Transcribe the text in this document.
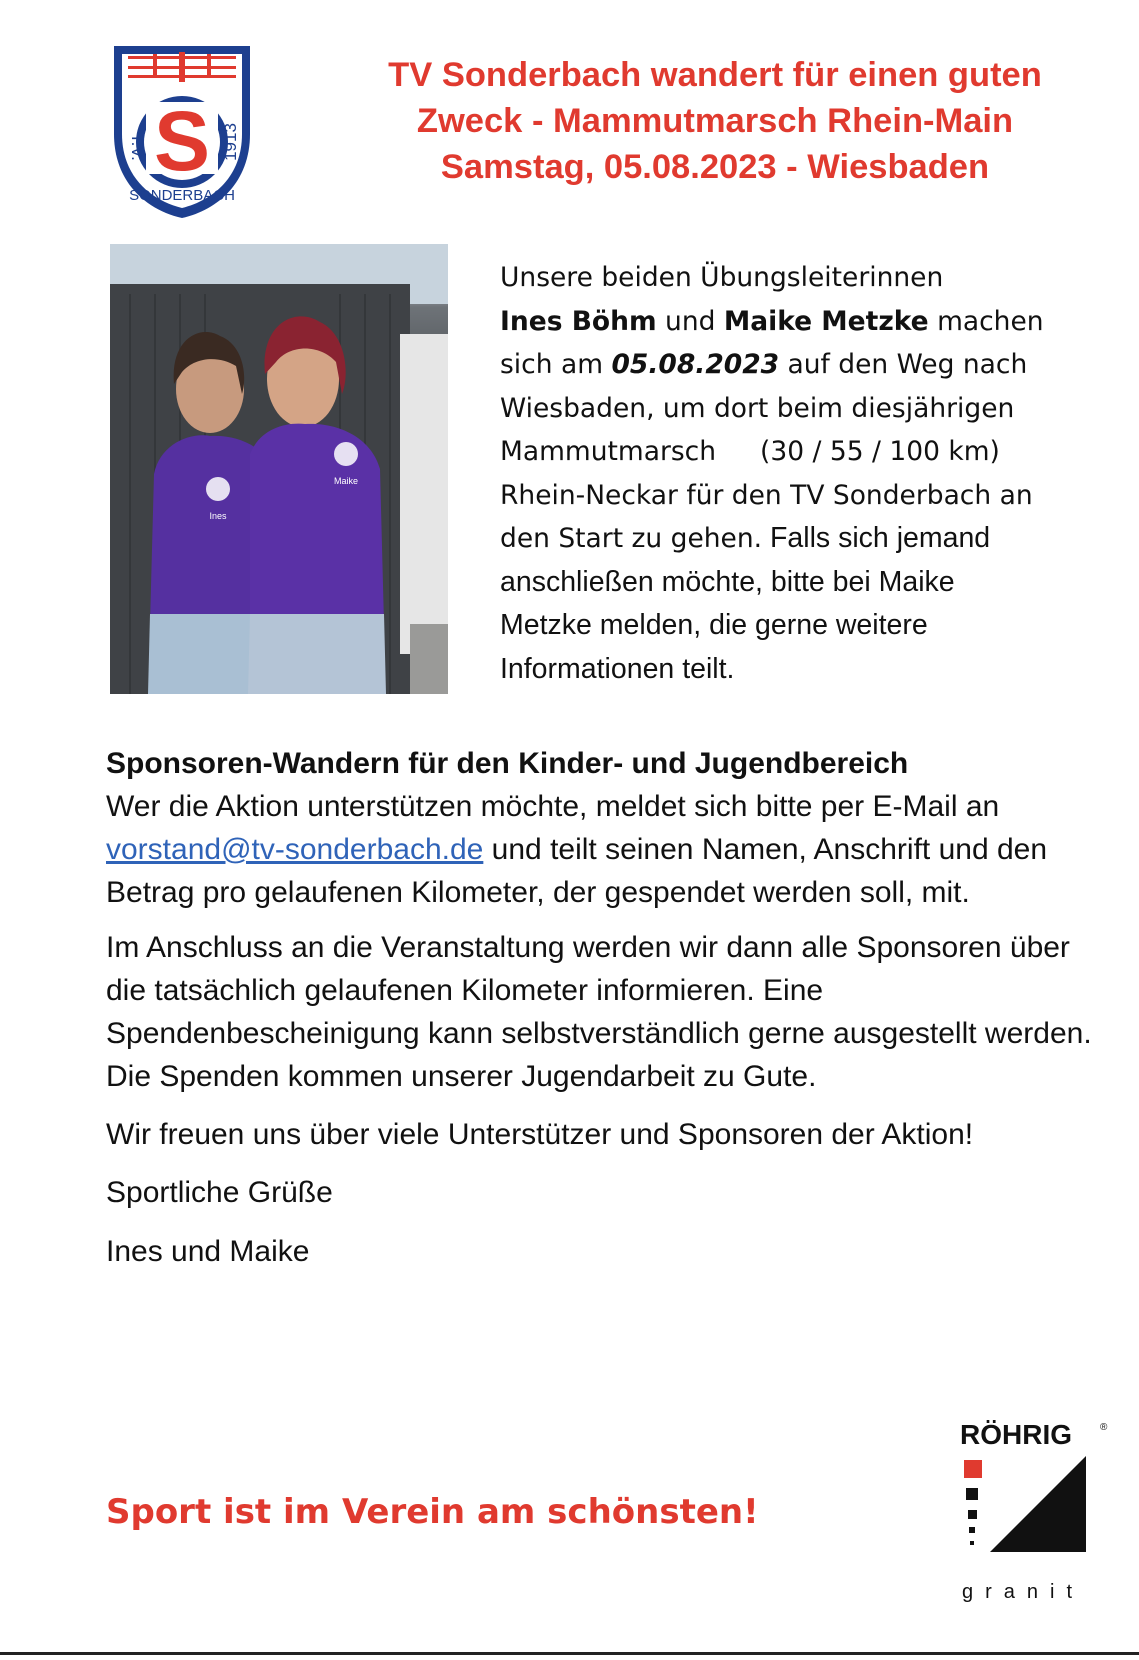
S
T.V.	1913
SONDERBACH
TV Sonderbach wandert für einen guten
Zweck - Mammutmarsch Rhein-Main
Samstag, 05.08.2023 - Wiesbaden
Ines
Maike
Unsere beiden Übungsleiterinnen
Ines Böhm und Maike Metzke machen
sich am 05.08.2023 auf den Weg nach
Wiesbaden, um dort beim diesjährigen
Mammutmarsch (30 / 55 / 100 km)
Rhein-Neckar für den TV Sonderbach an
den Start zu gehen. Falls sich jemand
anschließen möchte, bitte bei Maike
Metzke melden, die gerne weitere
Informationen teilt.

Sponsoren-Wandern für den Kinder- und Jugendbereich
Wer die Aktion unterstützen möchte, meldet sich bitte per E-Mail an vorstand@tv-sonderbach.de und teilt seinen Namen, Anschrift und den Betrag pro gelaufenen Kilometer, der gespendet werden soll, mit.

Im Anschluss an die Veranstaltung werden wir dann alle Sponsoren über die tatsächlich gelaufenen Kilometer informieren. Eine Spendenbescheinigung kann selbstverständlich gerne ausgestellt werden. Die Spenden kommen unserer Jugendarbeit zu Gute.

Wir freuen uns über viele Unterstützer und Sponsoren der Aktion!

Sportliche Grüße

Ines und Maike

Sport ist im Verein am schönsten!
RÖHRIG	®
granit
